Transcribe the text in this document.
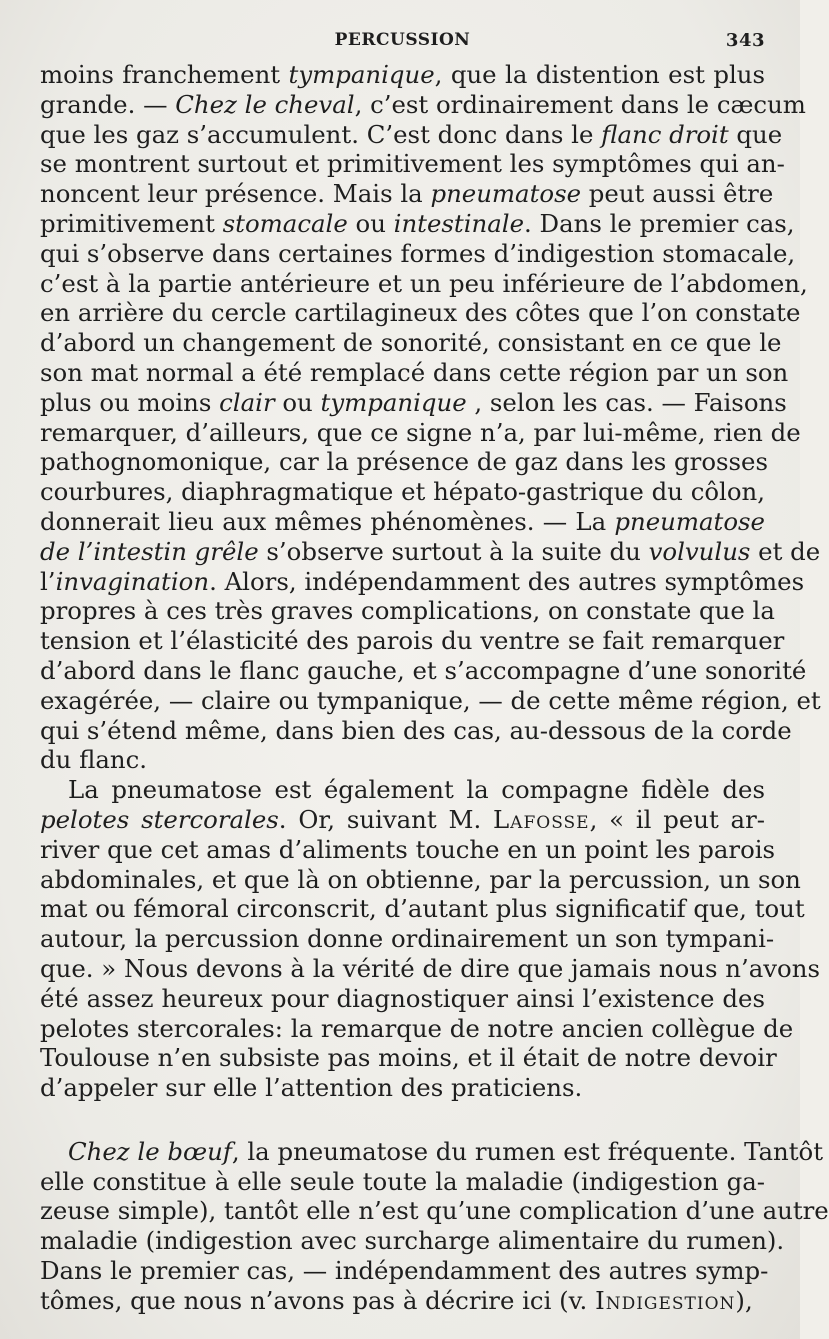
PERCUSSION	343
moins franchement tympanique, que la distention est plus
grande. — Chez le cheval, c’est ordinairement dans le cæcum
que les gaz s’accumulent. C’est donc dans le flanc droit que
se montrent surtout et primitivement les symptômes qui an-
noncent leur présence. Mais la pneumatose peut aussi être
primitivement stomacale ou intestinale. Dans le premier cas,
qui s’observe dans certaines formes d’indigestion stomacale,
c’est à la partie antérieure et un peu inférieure de l’abdomen,
en arrière du cercle cartilagineux des côtes que l’on constate
d’abord un changement de sonorité, consistant en ce que le
son mat normal a été remplacé dans cette région par un son
plus ou moins clair ou tympanique , selon les cas. — Faisons
remarquer, d’ailleurs, que ce signe n’a, par lui-même, rien de
pathognomonique, car la présence de gaz dans les grosses
courbures, diaphragmatique et hépato-gastrique du côlon,
donnerait lieu aux mêmes phénomènes. — La pneumatose
de l’intestin grêle s’observe surtout à la suite du volvulus et de
l’invagination. Alors, indépendamment des autres symptômes
propres à ces très graves complications, on constate que la
tension et l’élasticité des parois du ventre se fait remarquer
d’abord dans le flanc gauche, et s’accompagne d’une sonorité
exagérée, — claire ou tympanique, — de cette même région, et
qui s’étend même, dans bien des cas, au-dessous de la corde
du flanc.
La pneumatose est également la compagne fidèle des
pelotes stercorales. Or, suivant M. Lafosse, « il peut ar-
river que cet amas d’aliments touche en un point les parois
abdominales, et que là on obtienne, par la percussion, un son
mat ou fémoral circonscrit, d’autant plus significatif que, tout
autour, la percussion donne ordinairement un son tympani-
que. » Nous devons à la vérité de dire que jamais nous n’avons
été assez heureux pour diagnostiquer ainsi l’existence des
pelotes stercorales: la remarque de notre ancien collègue de
Toulouse n’en subsiste pas moins, et il était de notre devoir
d’appeler sur elle l’attention des praticiens.
Chez le bœuf, la pneumatose du rumen est fréquente. Tantôt
elle constitue à elle seule toute la maladie (indigestion ga-
zeuse simple), tantôt elle n’est qu’une complication d’une autre
maladie (indigestion avec surcharge alimentaire du rumen).
Dans le premier cas, — indépendamment des autres symp-
tômes, que nous n’avons pas à décrire ici (v. Indigestion),
